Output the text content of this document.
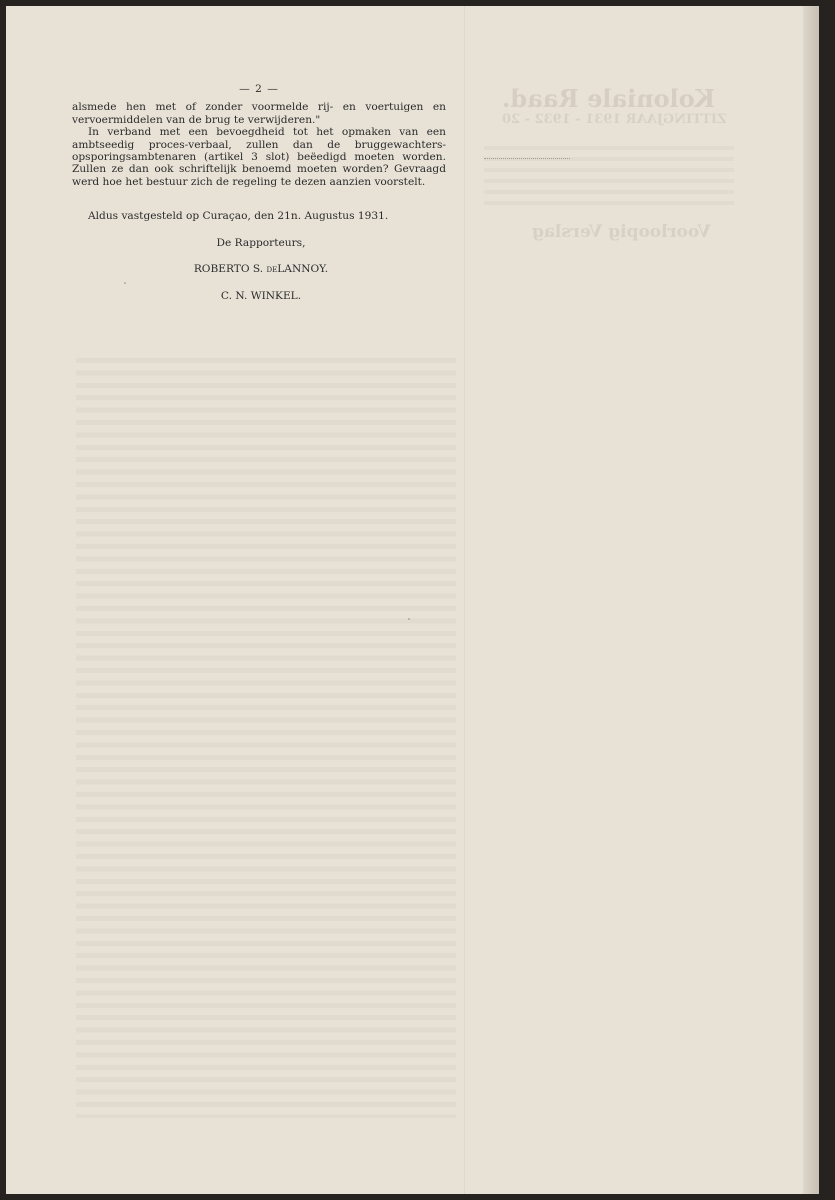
Koloniale Raad.
ZITTINGJAAR 1931 - 1932 - 20
Voorloopig Verslag

— 2 —

alsmede hen met of zonder voormelde rij- en voertuigen en vervoermiddelen van de brug te verwijderen."

In verband met een bevoegdheid tot het opmaken van een ambtseedig proces-verbaal, zullen dan de bruggewachters-opsporingsambtenaren (artikel 3 slot) beëedigd moeten worden. Zullen ze dan ook schriftelijk benoemd moeten worden? Gevraagd werd hoe het bestuur zich de regeling te dezen aanzien voorstelt.

Aldus vastgesteld op Curaçao, den 21n. Augustus 1931.

De Rapporteurs,

ROBERTO S. deLANNOY.

C. N. WINKEL.
